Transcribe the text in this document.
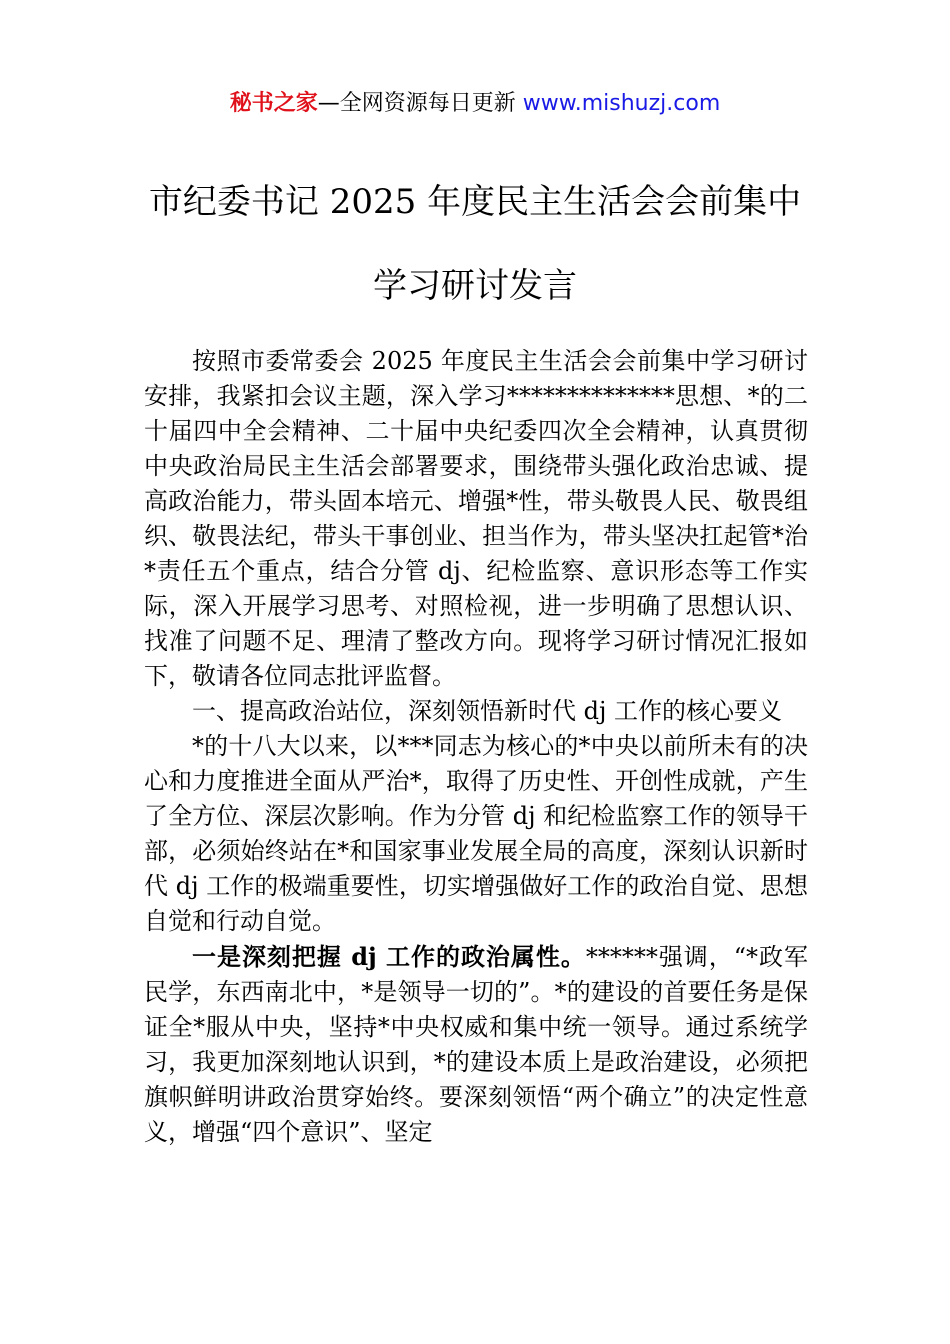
秘书之家—全网资源每日更新 www.mishuzj.com
市纪委书记 2025 年度民主生活会会前集中
学习研讨发言

按照市委常委会 2025 年度民主生活会会前集中学习研讨安排，我紧扣会议主题，深入学习**************思想、*的二十届四中全会精神、二十届中央纪委四次全会精神，认真贯彻中央政治局民主生活会部署要求，围绕带头强化政治忠诚、提高政治能力，带头固本培元、增强*性，带头敬畏人民、敬畏组织、敬畏法纪，带头干事创业、担当作为，带头坚决扛起管*治*责任五个重点，结合分管 dj、纪检监察、意识形态等工作实际，深入开展学习思考、对照检视，进一步明确了思想认识、找准了问题不足、理清了整改方向。现将学习研讨情况汇报如下，敬请各位同志批评监督。

一、提高政治站位，深刻领悟新时代 dj 工作的核心要义

*的十八大以来，以***同志为核心的*中央以前所未有的决心和力度推进全面从严治*，取得了历史性、开创性成就，产生了全方位、深层次影响。作为分管 dj 和纪检监察工作的领导干部，必须始终站在*和国家事业发展全局的高度，深刻认识新时代 dj 工作的极端重要性，切实增强做好工作的政治自觉、思想自觉和行动自觉。

一是深刻把握 dj 工作的政治属性。******强调，“*政军民学，东西南北中，*是领导一切的”。*的建设的首要任务是保证全*服从中央，坚持*中央权威和集中统一领导。通过系统学习，我更加深刻地认识到，*的建设本质上是政治建设，必须把旗帜鲜明讲政治贯穿始终。要深刻领悟“两个确立”的决定性意义，增强“四个意识”、坚定
